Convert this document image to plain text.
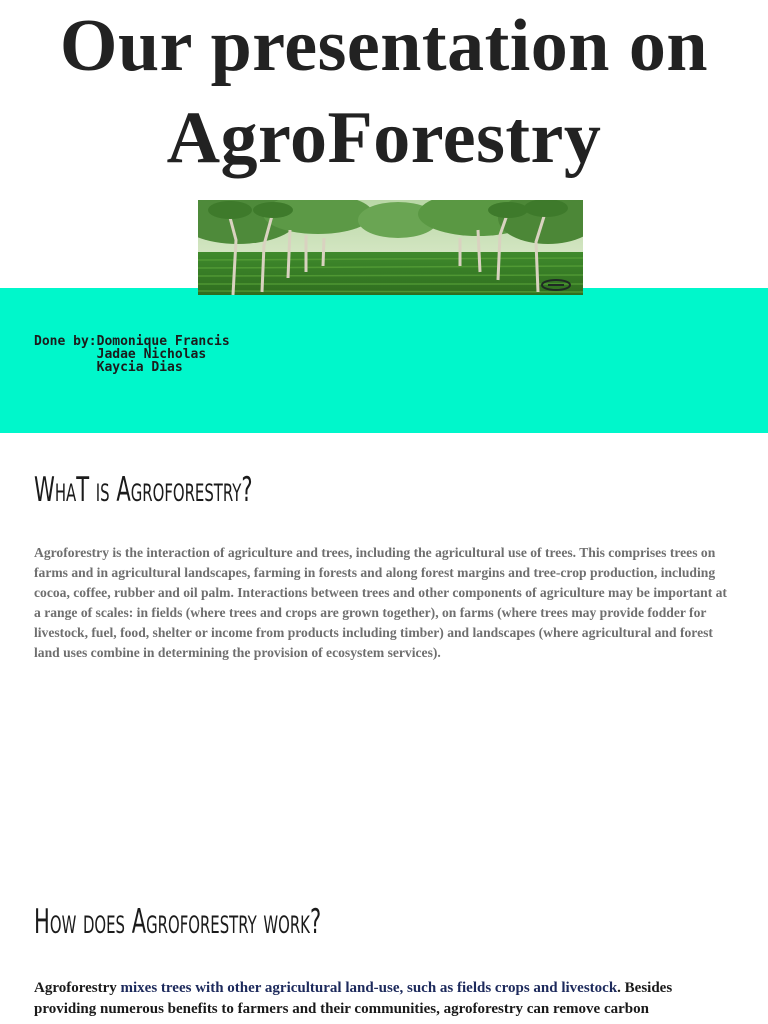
Our presentation on
AgroForestry

Done by:Domonique Francis
Jadae Nicholas
Kaycia Dias

WhaT is Agroforestry?

Agroforestry is the interaction of agriculture and trees, including the agricultural use of trees. This comprises trees on farms and in agricultural landscapes, farming in forests and along forest margins and tree-crop production, including cocoa, coffee, rubber and oil palm. Interactions between trees and other components of agriculture may be important at a range of scales: in fields (where trees and crops are grown together), on farms (where trees may provide fodder for livestock, fuel, food, shelter or income from products including timber) and landscapes (where agricultural and forest land uses combine in determining the provision of ecosystem services).

How does Agroforestry work?

Agroforestry mixes trees with other agricultural land-use, such as fields crops and livestock. Besides providing numerous benefits to farmers and their communities, agroforestry can remove carbon
